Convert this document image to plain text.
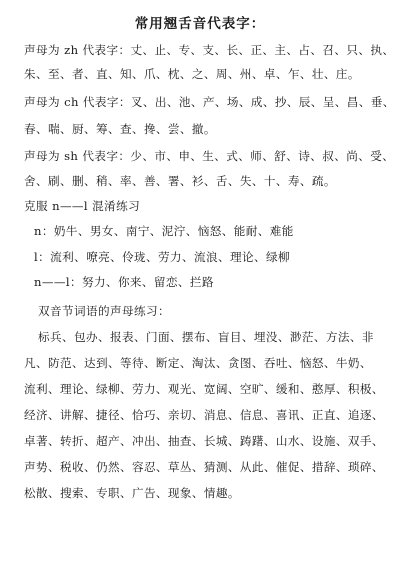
常用翘舌音代表字：
声母为 zh 代表字：丈、止、专、支、长、正、主、占、召、只、执、
朱、至、者、直、知、爪、枕、之、周、州、卓、乍、壮、庄。
声母为 ch 代表字：叉、出、池、产、场、成、抄、辰、呈、昌、垂、
春、喘、厨、筹、查、搀、尝、撤。
声母为 sh 代表字：少、市、申、生、式、师、舒、诗、叔、尚、受、
舍、刷、删、稍、率、善、署、衫、舌、失、十、寿、疏。
克服 n——l 混淆练习
n：奶牛、男女、南宁、泥泞、恼怒、能耐、难能
l：流利、嘹亮、伶珑、劳力、流浪、理论、绿柳
n——l：努力、你来、留恋、拦路
双音节词语的声母练习：
标兵、包办、报表、门面、摆布、盲目、埋没、渺茫、方法、非
凡、防范、达到、等待、断定、淘汰、贪图、吞吐、恼怒、牛奶、
流利、理论、绿柳、劳力、观光、宽阔、空旷、缓和、憨厚、积极、
经济、讲解、捷径、恰巧、亲切、消息、信息、喜讯、正直、追逐、
卓著、转折、超产、冲出、抽查、长城、踌躇、山水、设施、双手、
声势、税收、仍然、容忍、草丛、猜测、从此、催促、措辞、琐碎、
松散、搜索、专职、广告、现象、情趣。
